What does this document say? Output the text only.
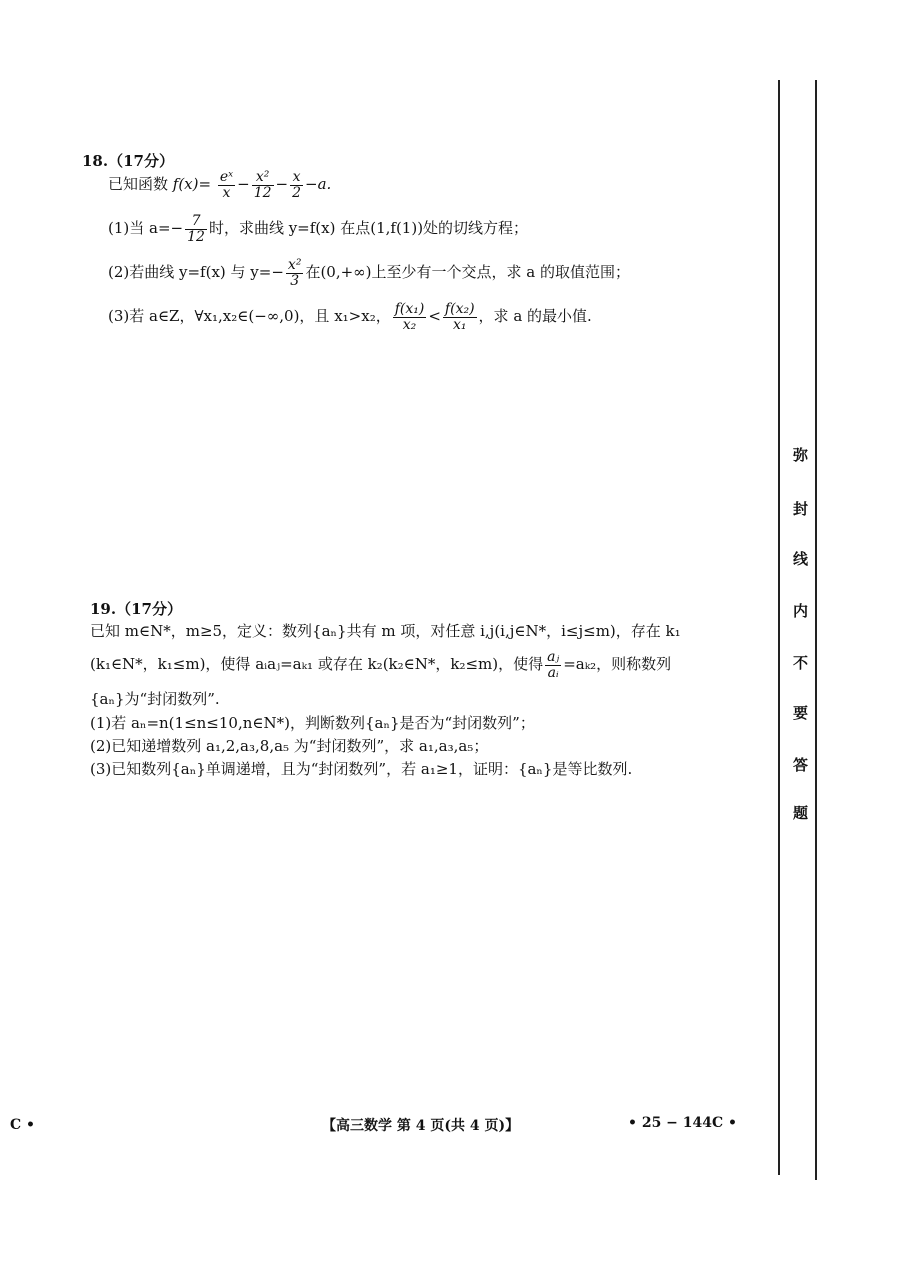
18.（17分）
已知函数 $f(x)= \frac{\text{eˣ}}{x} - \frac{\text{x²}}{12} - \frac{x}{2} -a$.
(1)当 $a=- \frac{7}{12}$ 时，求曲线 y=f(x) 在点(1,f(1))处的切线方程；
(2)若曲线 y=f(x) 与 $y=- \frac{\text{x²}}{3}$ 在(0,+∞)上至少有一个交点，求 a 的取值范围；
(3)若 a∈Z，∀x₁,x₂∈(−∞,0)，且 x₁>x₂， $\frac{\text{f(x₁)}}{\text{x₂}} < \frac{\text{f(x₂)}}{\text{x₁}}$ ，求 a 的最小值.
19.（17分）
已知 m∈N*，m≥5，定义：数列{aₙ}共有 m 项，对任意 i,j(i,j∈N*，i≤j≤m)，存在 k₁
(k₁∈N*，k₁≤m)，使得 aᵢaⱼ=aₖ₁ 或存在 k₂(k₂∈N*，k₂≤m)，使得 $\frac{\text{aⱼ}}{\text{aᵢ}} =a_{k2}$，则称数列
{aₙ}为“封闭数列”.
(1)若 aₙ=n(1≤n≤10,n∈N*)，判断数列{aₙ}是否为“封闭数列”；
(2)已知递增数列 a₁,2,a₃,8,a₅ 为“封闭数列”，求 a₁,a₃,a₅；
(3)已知数列{aₙ}单调递增，且为“封闭数列”，若 a₁≥1，证明：{aₙ}是等比数列.
弥
封
线
内
不
要
答
题
C •	【高三数学 第 4 页(共 4 页)】	• 25 − 144C •
